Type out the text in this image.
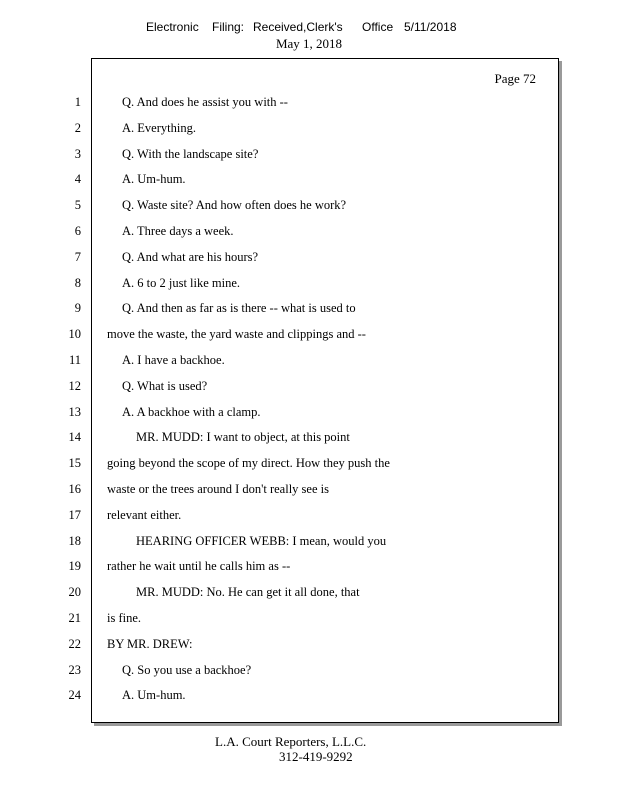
Electronic Filing: Received,Clerk's Office 5/11/2018
May 1, 2018
Page 72
1	Q. And does he assist you with --
2	A. Everything.
3	Q. With the landscape site?
4	A. Um-hum.
5	Q. Waste site? And how often does he work?
6	A. Three days a week.
7	Q. And what are his hours?
8	A. 6 to 2 just like mine.
9	Q. And then as far as is there -- what is used to
10 move the waste, the yard waste and clippings and --
11	A. I have a backhoe.
12	Q. What is used?
13	A. A backhoe with a clamp.
14	MR. MUDD: I want to object, at this point
15 going beyond the scope of my direct. How they push the
16 waste or the trees around I don't really see is
17 relevant either.
18	HEARING OFFICER WEBB: I mean, would you
19 rather he wait until he calls him as --
20	MR. MUDD: No. He can get it all done, that
21 is fine.
22 BY MR. DREW:
23	Q. So you use a backhoe?
24	A. Um-hum.
L.A. Court Reporters, L.L.C.
312-419-9292
